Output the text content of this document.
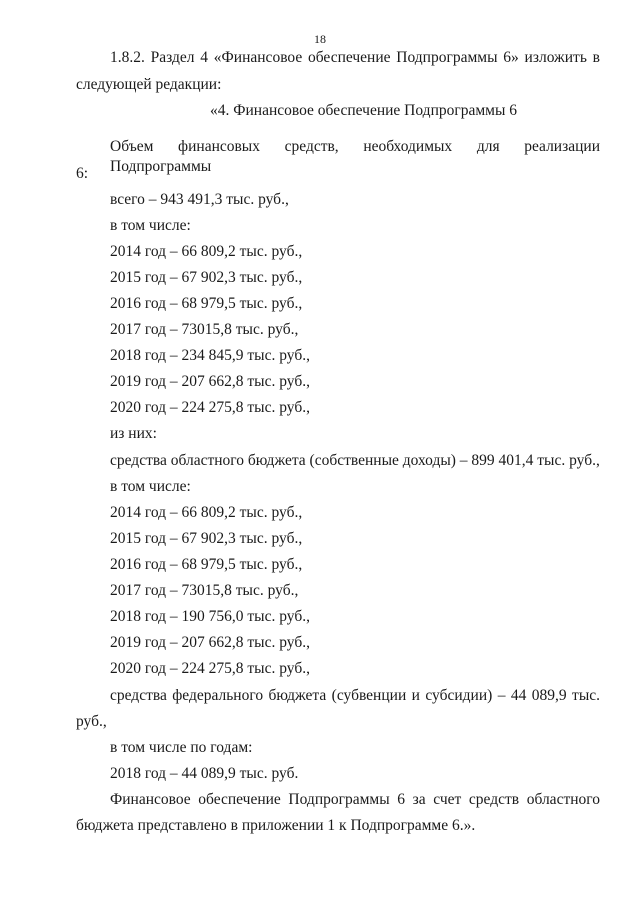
18
1.8.2. Раздел 4 «Финансовое обеспечение Подпрограммы 6» изложить в
следующей редакции:
«4. Финансовое обеспечение Подпрограммы 6
Объем финансовых средств, необходимых для реализации Подпрограммы
6:
всего – 943 491,3 тыс. руб.,
в том числе:
2014 год – 66 809,2 тыс. руб.,
2015 год – 67 902,3 тыс. руб.,
2016 год – 68 979,5 тыс. руб.,
2017 год – 73015,8 тыс. руб.,
2018 год – 234 845,9 тыс. руб.,
2019 год – 207 662,8 тыс. руб.,
2020 год – 224 275,8 тыс. руб.,
из них:
средства областного бюджета (собственные доходы) – 899 401,4 тыс. руб.,
в том числе:
2014 год – 66 809,2 тыс. руб.,
2015 год – 67 902,3 тыс. руб.,
2016 год – 68 979,5 тыс. руб.,
2017 год – 73015,8 тыс. руб.,
2018 год – 190 756,0 тыс. руб.,
2019 год – 207 662,8 тыс. руб.,
2020 год – 224 275,8 тыс. руб.,
средства федерального бюджета (субвенции и субсидии) – 44 089,9 тыс.
руб.,
в том числе по годам:
2018 год – 44 089,9 тыс. руб.
Финансовое обеспечение Подпрограммы 6 за счет средств областного
бюджета представлено в приложении 1 к Подпрограмме 6.».
